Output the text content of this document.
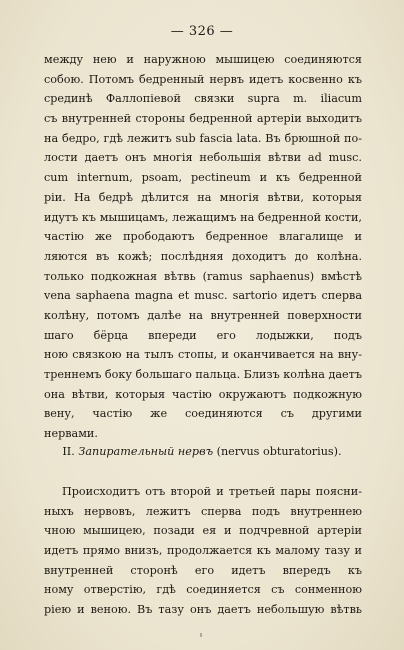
— 326 —
между нею и наружною мышицею соединяются
собою. Потомъ бедренный нервъ идетъ косвенно къ
срединѣ Фаллопіевой связки supra m. iliacum
съ внутренней стороны бедренной артеріи выходитъ
на бедро, гдѣ лежитъ sub fascia lata. Въ брюшной по-
лости даетъ онъ многія небольшія вѣтви ad musc.
cum internum, psoam, pectineum и къ бедренной
ріи. На бедрѣ дѣлится на многія вѣтви, которыя
идутъ къ мышицамъ, лежащимъ на бедренной кости,
частію же прободаютъ бедренное влагалище и
ляются въ кожѣ; послѣдняя доходитъ до колѣна.
только подкожная вѣтвь (ramus saphaenus) вмѣстѣ
vena saphaena magna et musc. sartorio идетъ сперва
колѣну, потомъ далѣе на внутренней поверхности
шаго бёрца впереди его лодыжки, подъ
ною связкою на тылъ стопы, и оканчивается на вну-
треннемъ боку большаго пальца. Близъ колѣна даетъ
она вѣтви, которыя частію окружаютъ подкожную
вену, частію же соединяются съ другими
нервами.
II. Запирательный нервъ (nervus obturatorius).
Происходитъ отъ второй и третьей пары поясни-
ныхъ нервовъ, лежитъ сперва подъ внутреннею
чною мышицею, позади ея и подчревной артеріи
идетъ прямо внизъ, продолжается къ малому тазу и
внутренней сторонѣ его идетъ впередъ къ
ному отверстію, гдѣ соединяется съ сонменною
ріею и веною. Въ тазу онъ даетъ небольшую вѣтвь
